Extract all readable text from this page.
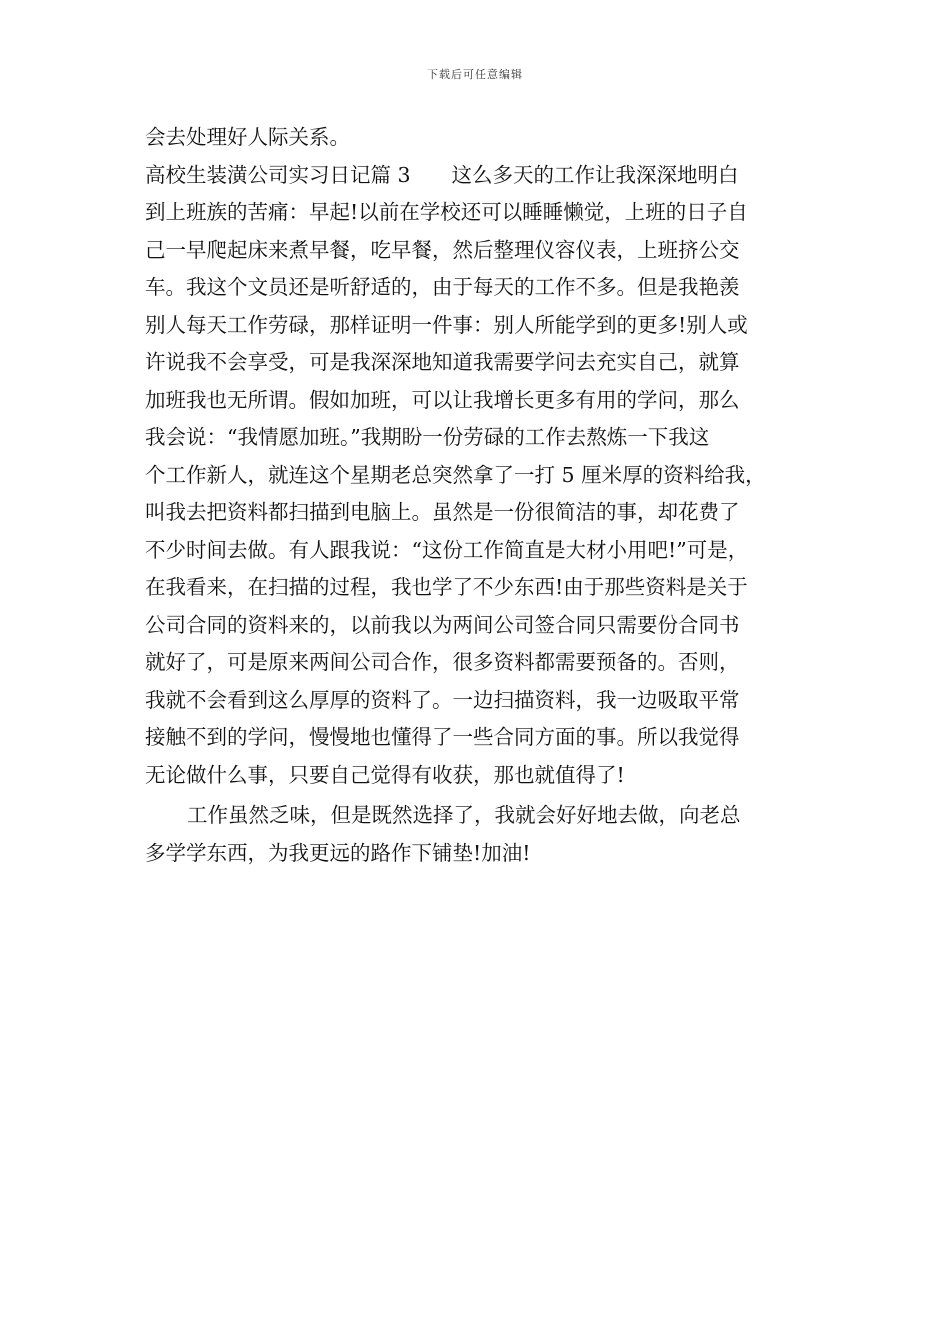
下载后可任意编辑
会去处理好人际关系。
高校生装潢公司实习日记篇 3　　这么多天的工作让我深深地明白
到上班族的苦痛：早起!以前在学校还可以睡睡懒觉，上班的日子自
己一早爬起床来煮早餐，吃早餐，然后整理仪容仪表，上班挤公交
车。我这个文员还是听舒适的，由于每天的工作不多。但是我艳羡
别人每天工作劳碌，那样证明一件事：别人所能学到的更多!别人或
许说我不会享受，可是我深深地知道我需要学问去充实自己，就算
加班我也无所谓。假如加班，可以让我增长更多有用的学问，那么
我会说：“我情愿加班。”我期盼一份劳碌的工作去熬炼一下我这
个工作新人，就连这个星期老总突然拿了一打 5 厘米厚的资料给我，
叫我去把资料都扫描到电脑上。虽然是一份很简洁的事，却花费了
不少时间去做。有人跟我说：“这份工作简直是大材小用吧!”可是，
在我看来，在扫描的过程，我也学了不少东西!由于那些资料是关于
公司合同的资料来的，以前我以为两间公司签合同只需要份合同书
就好了，可是原来两间公司合作，很多资料都需要预备的。否则，
我就不会看到这么厚厚的资料了。一边扫描资料，我一边吸取平常
接触不到的学问，慢慢地也懂得了一些合同方面的事。所以我觉得
无论做什么事，只要自己觉得有收获，那也就值得了!
工作虽然乏味，但是既然选择了，我就会好好地去做，向老总
多学学东西，为我更远的路作下铺垫!加油!
